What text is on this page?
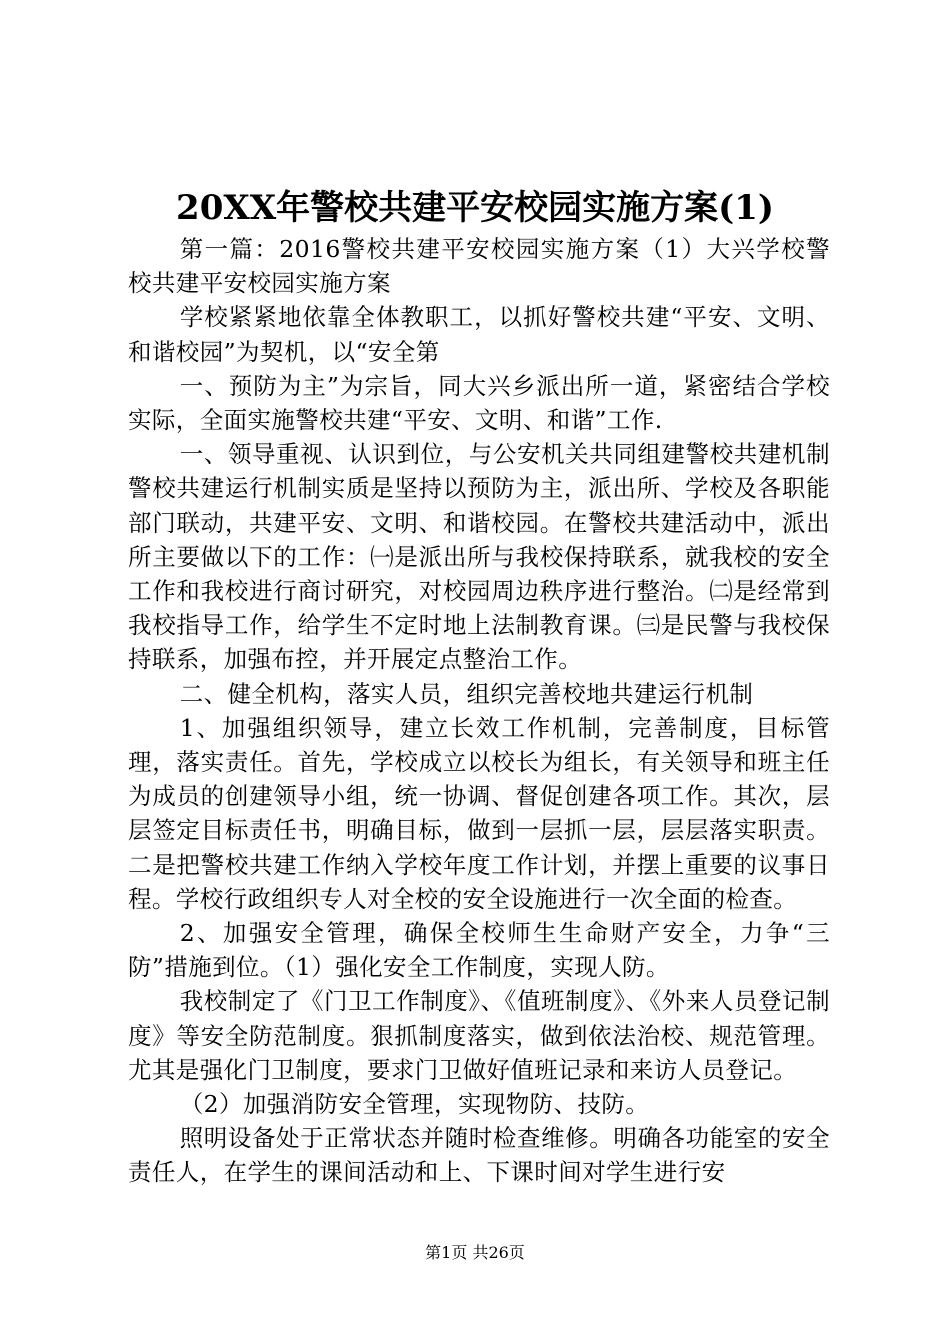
20XX年警校共建平安校园实施方案(1)

第一篇：2016警校共建平安校园实施方案（1）大兴学校警校共建平安校园实施方案

学校紧紧地依靠全体教职工，以抓好警校共建“平安、文明、和谐校园”为契机，以“安全第

一、预防为主”为宗旨，同大兴乡派出所一道，紧密结合学校实际，全面实施警校共建“平安、文明、和谐”工作.

一、领导重视、认识到位，与公安机关共同组建警校共建机制警校共建运行机制实质是坚持以预防为主，派出所、学校及各职能部门联动，共建平安、文明、和谐校园。在警校共建活动中，派出所主要做以下的工作：㈠是派出所与我校保持联系，就我校的安全工作和我校进行商讨研究，对校园周边秩序进行整治。㈡是经常到我校指导工作，给学生不定时地上法制教育课。㈢是民警与我校保持联系，加强布控，并开展定点整治工作。

二、健全机构，落实人员，组织完善校地共建运行机制

1、加强组织领导，建立长效工作机制，完善制度，目标管理，落实责任。首先，学校成立以校长为组长，有关领导和班主任为成员的创建领导小组，统一协调、督促创建各项工作。其次，层层签定目标责任书，明确目标，做到一层抓一层，层层落实职责。二是把警校共建工作纳入学校年度工作计划，并摆上重要的议事日程。学校行政组织专人对全校的安全设施进行一次全面的检查。

2、加强安全管理，确保全校师生生命财产安全，力争“三防”措施到位。（1）强化安全工作制度，实现人防。

我校制定了《门卫工作制度》、《值班制度》、《外来人员登记制度》等安全防范制度。狠抓制度落实，做到依法治校、规范管理。尤其是强化门卫制度，要求门卫做好值班记录和来访人员登记。

（2）加强消防安全管理，实现物防、技防。

照明设备处于正常状态并随时检查维修。明确各功能室的安全责任人，在学生的课间活动和上、下课时间对学生进行安

第1页 共26页
